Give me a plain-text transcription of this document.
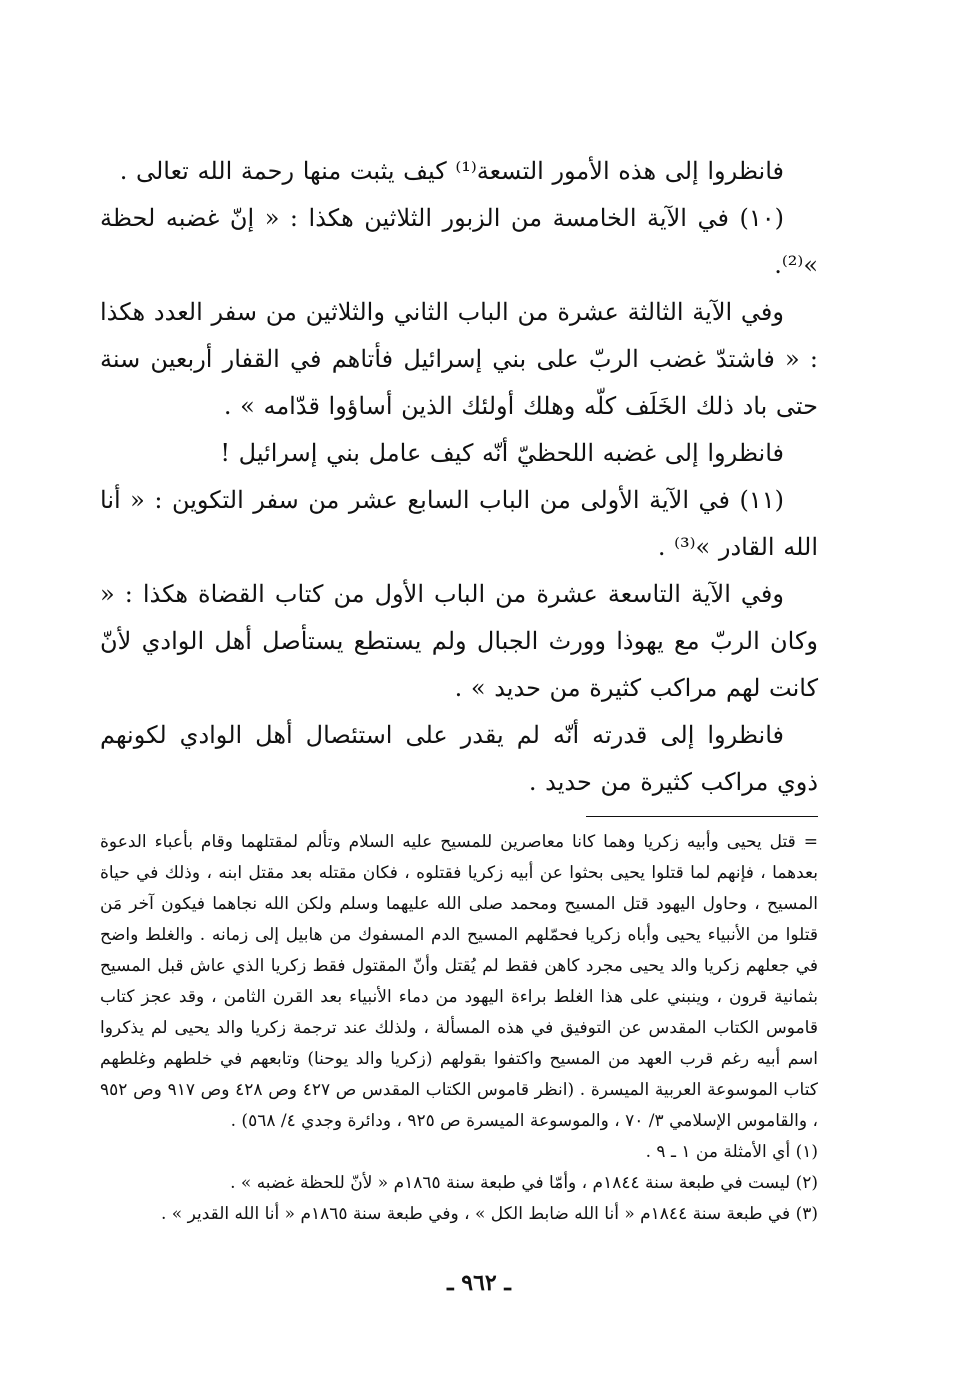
فانظروا إلى هذه الأمور التسعة⁽¹⁾ كيف يثبت منها رحمة الله تعالى .

(١٠) في الآية الخامسة من الزبور الثلاثين هكذا : « إنّ غضبه لحظة »⁽²⁾.

وفي الآية الثالثة عشرة من الباب الثاني والثلاثين من سفر العدد هكذا : « فاشتدّ غضب الربّ على بني إسرائيل فأتاهم في القفار أربعين سنة حتى باد ذلك الخَلَف كلّه وهلك أولئك الذين أساؤوا قدّامه » .

فانظروا إلى غضبه اللحظيّ أنّه كيف عامل بني إسرائيل !

(١١) في الآية الأولى من الباب السابع عشر من سفر التكوين : « أنا الله القادر »⁽³⁾ .

وفي الآية التاسعة عشرة من الباب الأول من كتاب القضاة هكذا : « وكان الربّ مع يهوذا وورث الجبال ولم يستطع يستأصل أهل الوادي لأنّ كانت لهم مراكب كثيرة من حديد » .

فانظروا إلى قدرته أنّه لم يقدر على استئصال أهل الوادي لكونهم ذوي مراكب كثيرة من حديد .

= قتل يحيى وأبيه زكريا وهما كانا معاصرين للمسيح عليه السلام وتألم لمقتلهما وقام بأعباء الدعوة بعدهما ، فإنهم لما قتلوا يحيى بحثوا عن أبيه زكريا فقتلوه ، فكان مقتله بعد مقتل ابنه ، وذلك في حياة المسيح ، وحاول اليهود قتل المسيح ومحمد صلى الله عليهما وسلم ولكن الله نجاهما فيكون آخر مَن قتلوا من الأنبياء يحيى وأباه زكريا فحمّلهم المسيح الدم المسفوك من هابيل إلى زمانه . والغلط واضح في جعلهم زكريا والد يحيى مجرد كاهن فقط لم يُقتل وأنّ المقتول فقط زكريا الذي عاش قبل المسيح بثمانية قرون ، وينبني على هذا الغلط براءة اليهود من دماء الأنبياء بعد القرن الثامن ، وقد عجز كتاب قاموس الكتاب المقدس عن التوفيق في هذه المسألة ، ولذلك عند ترجمة زكريا والد يحيى لم يذكروا اسم أبيه رغم قرب العهد من المسيح واكتفوا بقولهم (زكريا والد يوحنا) وتابعهم في خلطهم وغلطهم كتاب الموسوعة العربية الميسرة . (انظر قاموس الكتاب المقدس ص ٤٢٧ وص ٤٢٨ وص ٩١٧ وص ٩٥٢ ، والقاموس الإسلامي ٣/ ٧٠ ، والموسوعة الميسرة ص ٩٢٥ ، ودائرة وجدي ٤/ ٥٦٨) .

(١) أي الأمثلة من ١ ـ ٩ .

(٢) ليست في طبعة سنة ١٨٤٤م ، وأمّا في طبعة سنة ١٨٦٥م « لأنّ للحظة غضبه » .

(٣) في طبعة سنة ١٨٤٤م « أنا الله ضابط الكل » ، وفي طبعة سنة ١٨٦٥م « أنا الله القدير » .

ـ ٩٦٢ ـ
